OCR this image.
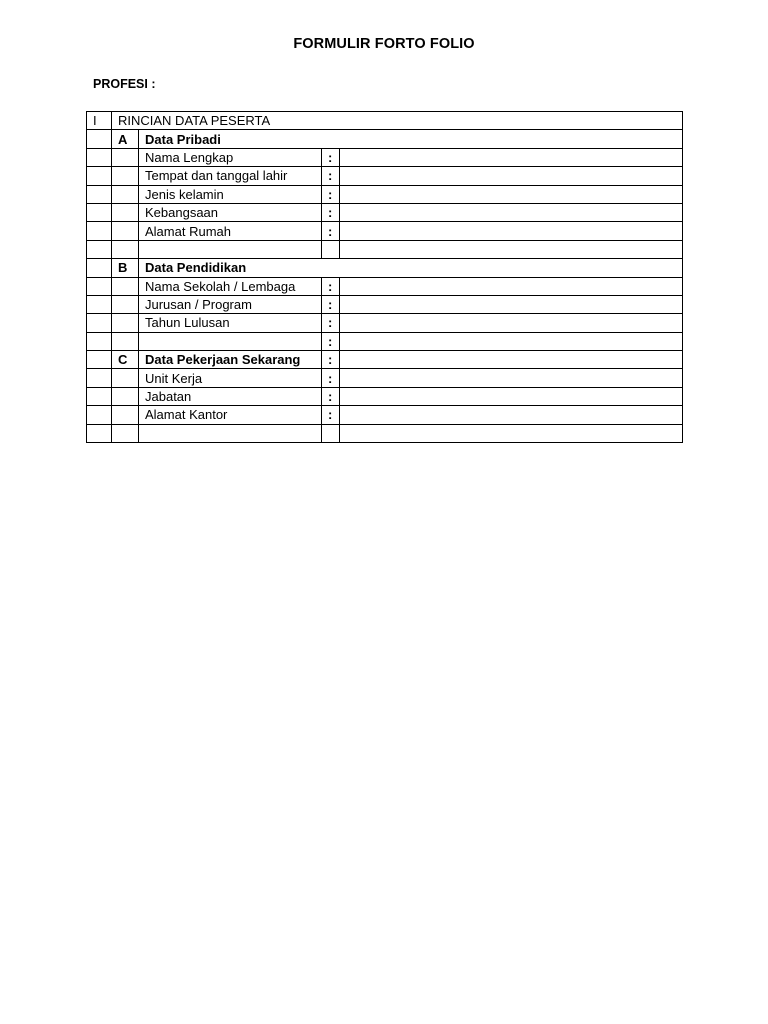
FORMULIR FORTO FOLIO
PROFESI :
I	RINCIAN DATA PESERTA			
	A	Data Pribadi		
		Nama Lengkap	:	
		Tempat dan tanggal lahir	:	
		Jenis kelamin	:	
		Kebangsaan	:	
		Alamat Rumah	:	

	B	Data Pendidikan		
		Nama Sekolah / Lembaga	:	
		Jurusan / Program	:	
		Tahun Lulusan	:	
			:	
	C	Data Pekerjaan Sekarang	:	
		Unit Kerja	:	
		Jabatan	:	
		Alamat Kantor	:	
